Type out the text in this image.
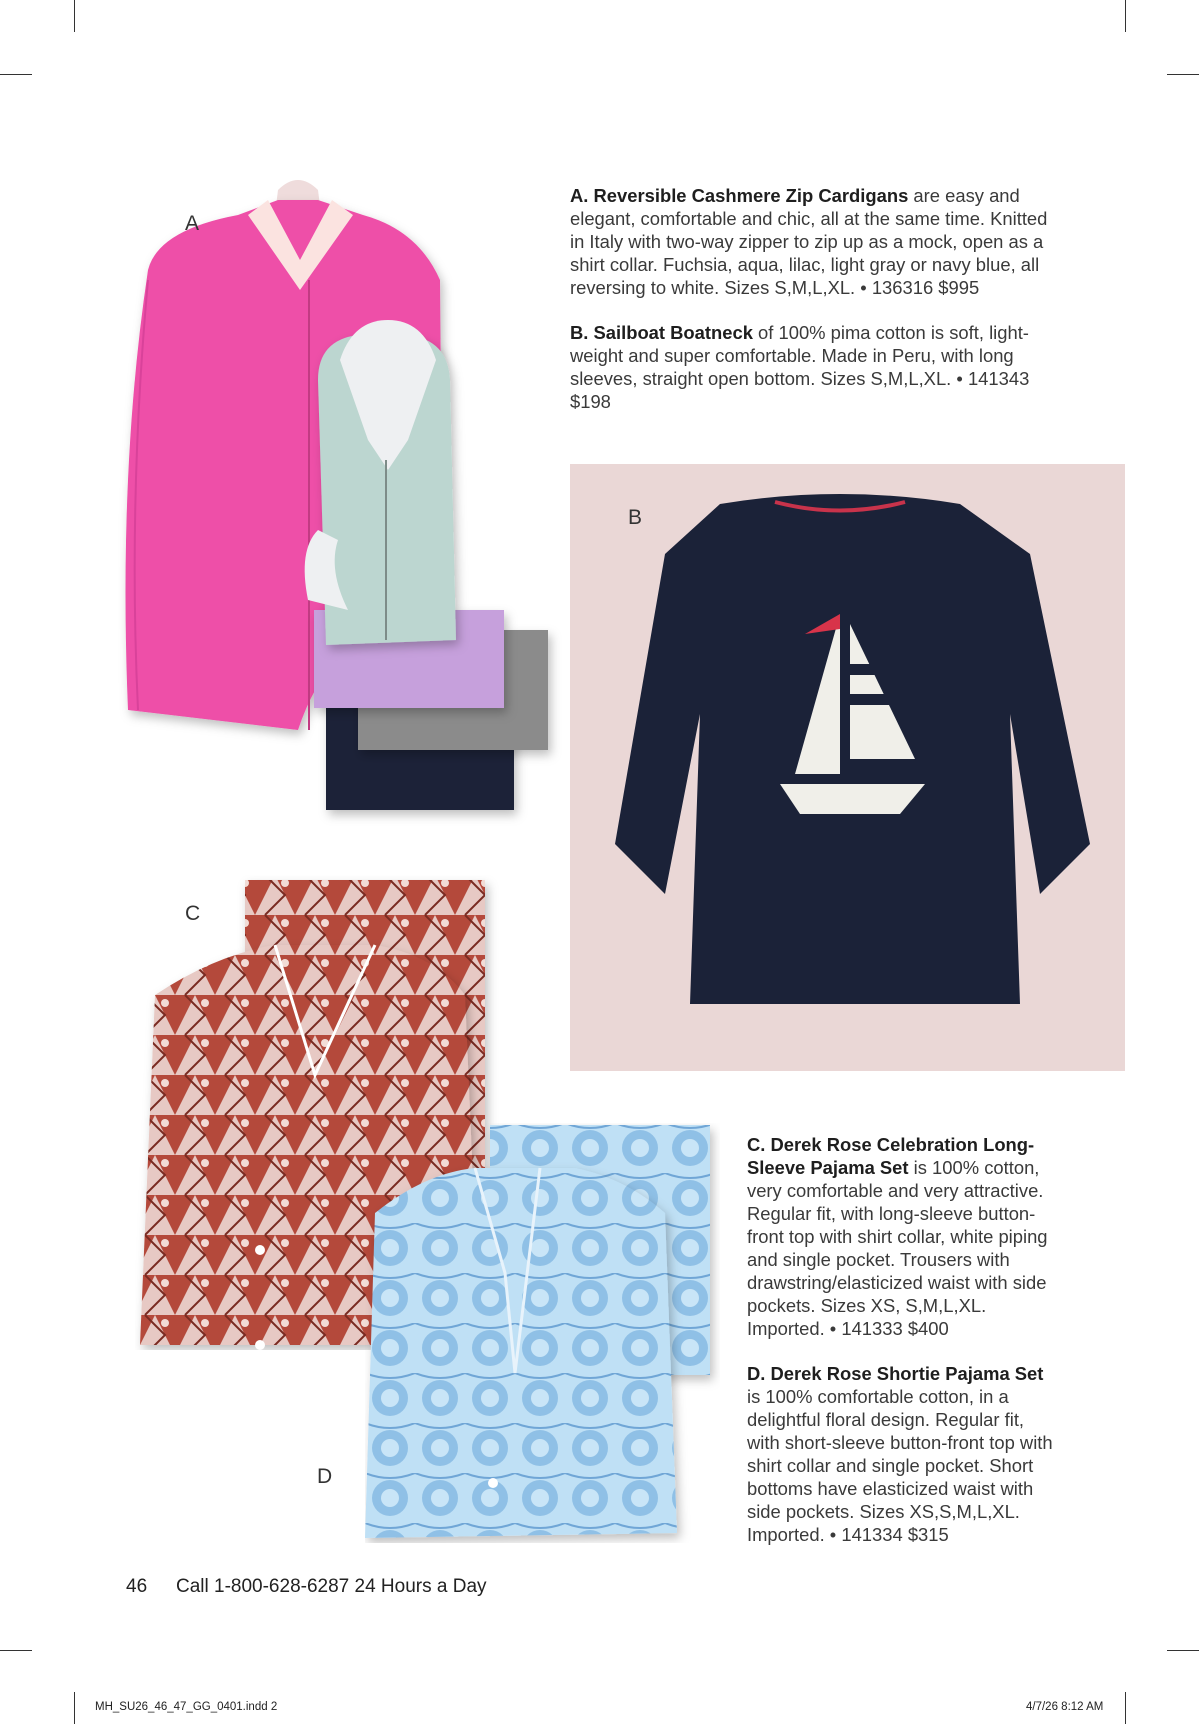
A
B
C
D

A. Reversible Cashmere Zip Cardigans are easy and elegant, comfortable and chic, all at the same time. Knitted in Italy with two-way zipper to zip up as a mock, open as a shirt collar. Fuchsia, aqua, lilac, light gray or navy blue, all reversing to white. Sizes S,M,L,XL. • 136316 $995

B. Sailboat Boatneck of 100% pima cotton is soft, light-weight and super comfortable. Made in Peru, with long sleeves, straight open bottom. Sizes S,M,L,XL. • 141343 $198

C. Derek Rose Celebration Long-Sleeve Pajama Set is 100% cotton, very comfortable and very attractive. Regular fit, with long-sleeve button-front top with shirt collar, white piping and single pocket. Trousers with drawstring/elasticized waist with side pockets. Sizes XS, S,M,L,XL. Imported. • 141333 $400

D. Derek Rose Shortie Pajama Set is 100% comfortable cotton, in a delightful floral design. Regular fit, with short-sleeve button-front top with shirt collar and single pocket. Short bottoms have elasticized waist with side pockets. Sizes XS,S,M,L,XL. Imported. • 141334 $315

46 Call 1-800-628-6287 24 Hours a Day
MH_SU26_46_47_GG_0401.indd 2	4/7/26 8:12 AM
